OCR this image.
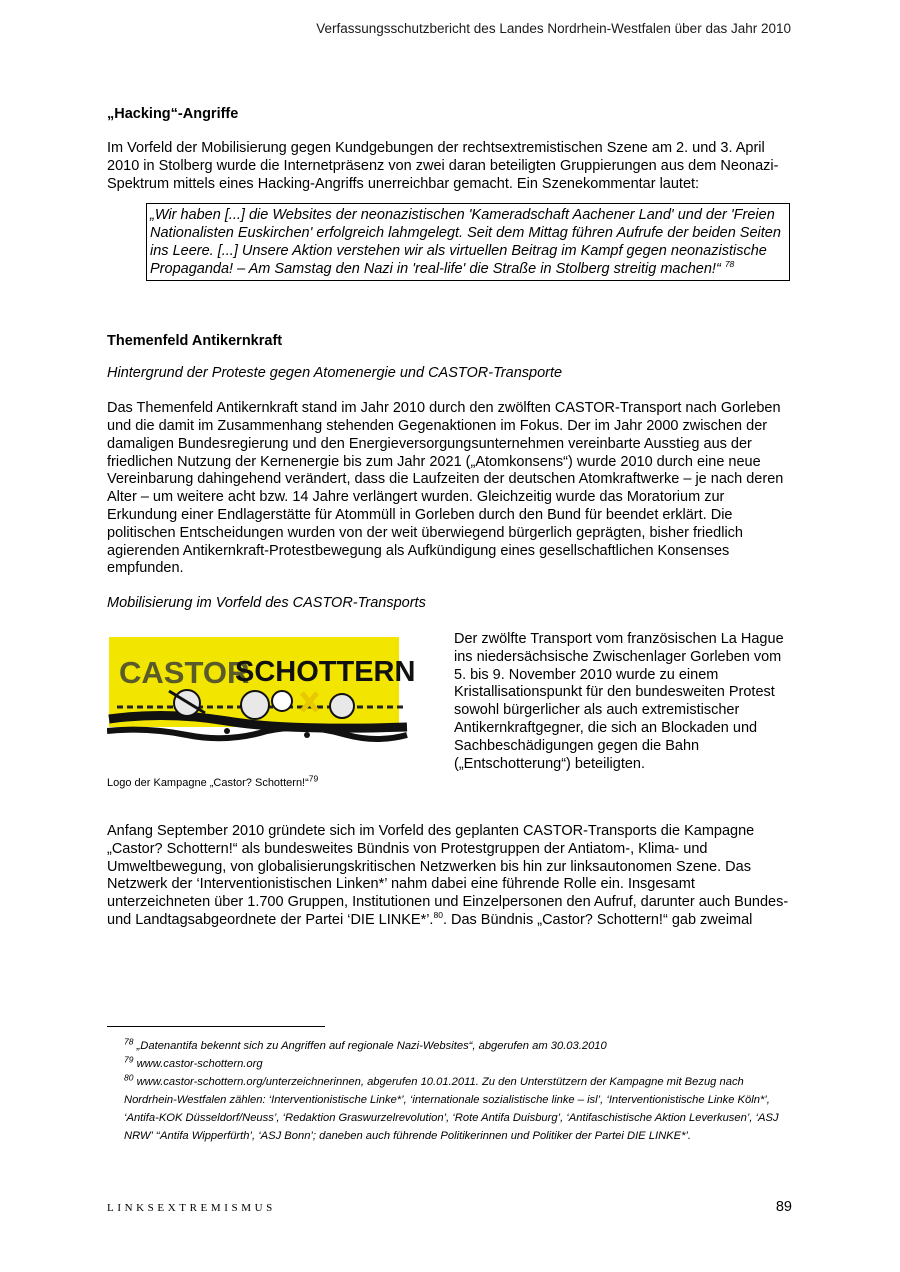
Verfassungsschutzbericht des Landes Nordrhein-Westfalen über das Jahr 2010

„Hacking“-Angriffe

Im Vorfeld der Mobilisierung gegen Kundgebungen der rechtsextremistischen Szene am 2. und 3. April 2010 in Stolberg wurde die Internetpräsenz von zwei daran beteiligten Gruppierungen aus dem Neonazi-Spektrum mittels eines Hacking-Angriffs unerreichbar gemacht. Ein Szenekommentar lautet:

„Wir haben [...] die Websites der neonazistischen 'Kameradschaft Aachener Land' und der 'Freien Nationalisten Euskirchen' erfolgreich lahmgelegt. Seit dem Mittag führen Aufrufe der beiden Seiten ins Leere. [...] Unsere Aktion verstehen wir als virtuellen Beitrag im Kampf gegen neonazistische Propaganda! – Am Samstag den Nazi in 'real-life' die Straße in Stolberg streitig machen!“ $^{78}$

Themenfeld Antikernkraft

Hintergrund der Proteste gegen Atomenergie und CASTOR-Transporte

Das Themenfeld Antikernkraft stand im Jahr 2010 durch den zwölften CASTOR-Transport nach Gorleben und die damit im Zusammenhang stehenden Gegenaktionen im Fokus. Der im Jahr 2000 zwischen der damaligen Bundesregierung und den Energieversorgungsunternehmen vereinbarte Ausstieg aus der friedlichen Nutzung der Kernenergie bis zum Jahr 2021 („Atomkonsens“) wurde 2010 durch eine neue Vereinbarung dahingehend verändert, dass die Laufzeiten der deutschen Atomkraftwerke – je nach deren Alter – um weitere acht bzw. 14 Jahre verlängert wurden. Gleichzeitig wurde das Moratorium zur Erkundung einer Endlagerstätte für Atommüll in Gorleben durch den Bund für beendet erklärt. Die politischen Entscheidungen wurden von der weit überwiegend bürgerlich geprägten, bisher friedlich agierenden Antikernkraft-Protestbewegung als Aufkündigung eines gesellschaftlichen Konsenses empfunden.

Mobilisierung im Vorfeld des CASTOR-Transports

CASTOR
SCHOTTERN
Logo der Kampagne „Castor? Schottern!“$^{79}$
Der zwölfte Transport vom französischen La Hague ins niedersächsische Zwischenlager Gorleben vom 5. bis 9. November 2010 wurde zu einem Kristallisationspunkt für den bundesweiten Protest sowohl bürgerlicher als auch extremistischer Antikernkraftgegner, die sich an Blockaden und Sachbeschädigungen gegen die Bahn („Entschotterung“) beteiligten.

Anfang September 2010 gründete sich im Vorfeld des geplanten CASTOR-Transports die Kampagne „Castor? Schottern!“ als bundesweites Bündnis von Protestgruppen der Antiatom-, Klima- und Umweltbewegung, von globalisierungskritischen Netzwerken bis hin zur linksautonomen Szene. Das Netzwerk der ‘Interventionistischen Linken*’ nahm dabei eine führende Rolle ein. Insgesamt unterzeichneten über 1.700 Gruppen, Institutionen und Einzelpersonen den Aufruf, darunter auch Bundes- und Landtagsabgeordnete der Partei ‘DIE LINKE*’.$^{80}$. Das Bündnis „Castor? Schottern!“ gab zweimal

$^{78}$ „Datenantifa bekennt sich zu Angriffen auf regionale Nazi-Websites“, abgerufen am 30.03.2010
$^{79}$ www.castor-schottern.org
$^{80}$ www.castor-schottern.org/unterzeichnerinnen, abgerufen 10.01.2011. Zu den Unterstützern der Kampagne mit Bezug nach Nordrhein-Westfalen zählen: ‘Interventionistische Linke*’, ‘internationale sozialistische linke – isl’, ‘Interventionistische Linke Köln*’, ‘Antifa-KOK Düsseldorf/Neuss’, ‘Redaktion Graswurzelrevolution’, ‘Rote Antifa Duisburg’, ‘Antifaschistische Aktion Leverkusen’, ‘ASJ NRW’ ‘‘Antifa Wipperfürth’, ‘ASJ Bonn’; daneben auch führende Politikerinnen und Politiker der Partei DIE LINKE*’.
LINKSEXTREMISMUS	89
